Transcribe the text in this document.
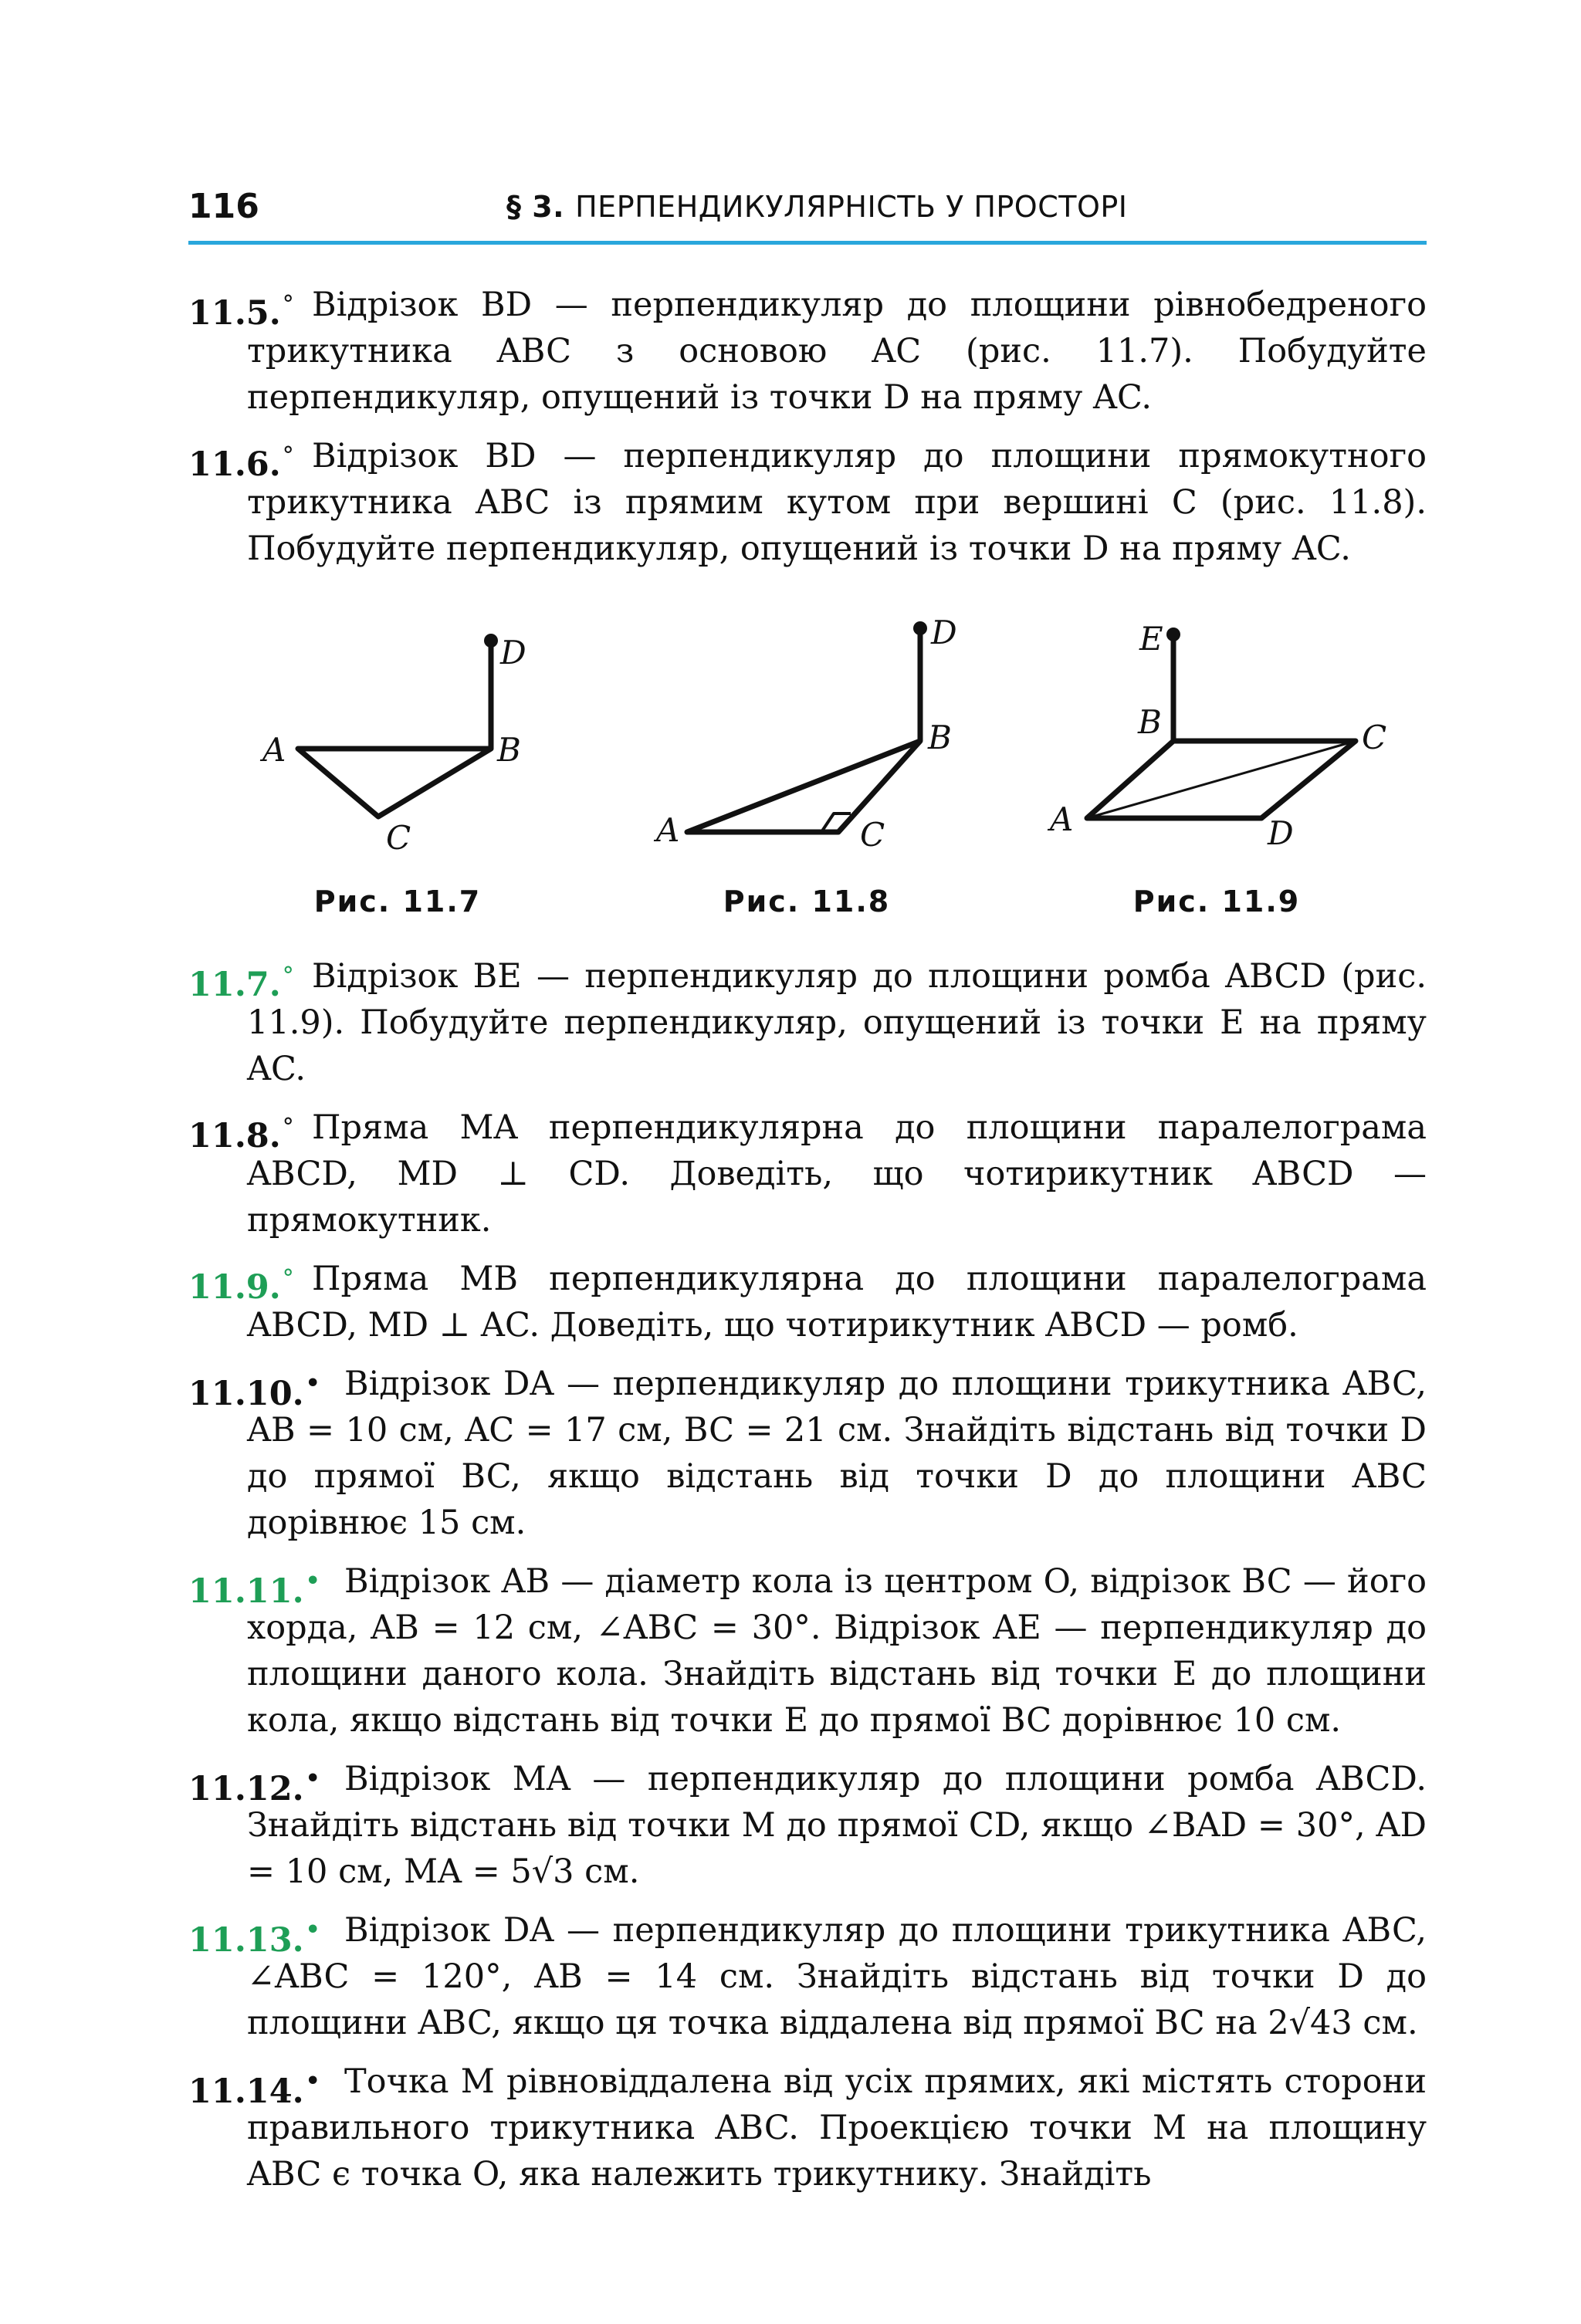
116	§ 3. ПЕРПЕНДИКУЛЯРНІСТЬ У ПРОСТОРІ
11.5.° Відрізок BD — перпендикуляр до площини рівнобедреного трикутника ABC з основою AC (рис. 11.7). Побудуйте перпендикуляр, опущений із точки D на пряму AC.
11.6.° Відрізок BD — перпендикуляр до площини прямокутного трикутника ABC із прямим кутом при вершині C (рис. 11.8). Побудуйте перпендикуляр, опущений із точки D на пряму AC.
A	B
C
D
A
B
C
D
A
B	C
D
E
Рис. 11.7	Рис. 11.8	Рис. 11.9
11.7.° Відрізок BE — перпендикуляр до площини ромба ABCD (рис. 11.9). Побудуйте перпендикуляр, опущений із точки E на пряму AC.
11.8.° Пряма MA перпендикулярна до площини паралелограма ABCD, MD ⊥ CD. Доведіть, що чотирикутник ABCD — прямокутник.
11.9.° Пряма MB перпендикулярна до площини паралелограма ABCD, MD ⊥ AC. Доведіть, що чотирикутник ABCD — ромб.
11.10.• Відрізок DA — перпендикуляр до площини трикутника ABC, AB = 10 см, AC = 17 см, BC = 21 см. Знайдіть відстань від точки D до прямої BC, якщо відстань від точки D до площини ABC дорівнює 15 см.
11.11.• Відрізок AB — діаметр кола із центром O, відрізок BC — його хорда, AB = 12 см, ∠ABC = 30°. Відрізок AE — перпендикуляр до площини даного кола. Знайдіть відстань від точки E до площини кола, якщо відстань від точки E до прямої BC дорівнює 10 см.
11.12.• Відрізок MA — перпендикуляр до площини ромба ABCD. Знайдіть відстань від точки M до прямої CD, якщо ∠BAD = 30°, AD = 10 см, MA = 5√3 см.
11.13.• Відрізок DA — перпендикуляр до площини трикутника ABC, ∠ABC = 120°, AB = 14 см. Знайдіть відстань від точки D до площини ABC, якщо ця точка віддалена від прямої BC на 2√43 см.
11.14.• Точка M рівновіддалена від усіх прямих, які містять сторони правильного трикутника ABC. Проекцією точки M на площину ABC є точка O, яка належить трикутнику. Знайдіть
